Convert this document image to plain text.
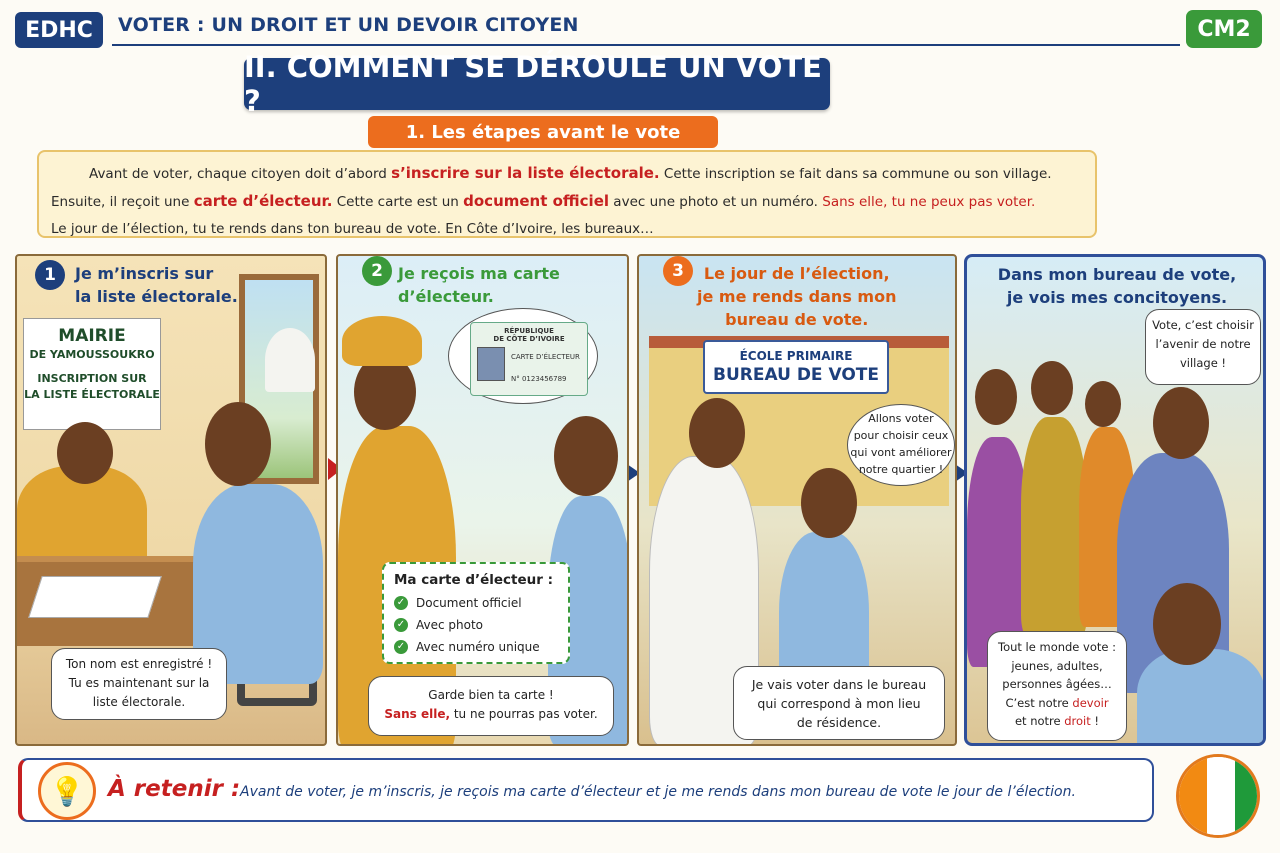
EDHC	VOTER : UN DROIT ET UN DEVOIR CITOYEN	CM2
II. COMMENT SE DÉROULE UN VOTE ?
1. Les étapes avant le vote
Avant de voter, chaque citoyen doit d’abord s’inscrire sur la liste électorale. Cette inscription se fait dans sa commune ou son village.
Ensuite, il reçoit une carte d’électeur. Cette carte est un document officiel avec une photo et un numéro. Sans elle, tu ne peux pas voter.
Le jour de l’élection, tu te rends dans ton bureau de vote. En Côte d’Ivoire, les bureaux…
1	Je m’inscris sur
la liste électorale.
MAIRIE
DE YAMOUSSOUKRO
INSCRIPTION SUR
LA LISTE ÉLECTORALE
Ton nom est enregistré !
Tu es maintenant sur la
liste électorale.
2 Je reçois ma carte
d’électeur.
RÉPUBLIQUE
DE CÔTE D’IVOIRE
CARTE D’ÉLECTEUR
N° 0123456789
Ma carte d’électeur :
✓ Document officiel
✓ Avec photo
✓ Avec numéro unique
Garde bien ta carte !
Sans elle, tu ne pourras pas voter.
3	Le jour de l’élection,
je me rends dans mon
bureau de vote.
ÉCOLE PRIMAIRE
BUREAU DE VOTE
Allons voter
pour choisir ceux
qui vont améliorer
notre quartier !
Je vais voter dans le bureau
qui correspond à mon lieu
de résidence.
Dans mon bureau de vote,
je vois mes concitoyens.
Vote, c’est choisir
l’avenir de notre
village !
Tout le monde vote :
jeunes, adultes,
personnes âgées…
C’est notre devoir
et notre droit !
💡	À retenir : Avant de voter, je m’inscris, je reçois ma carte d’électeur et je me rends dans mon bureau de vote le jour de l’élection.
